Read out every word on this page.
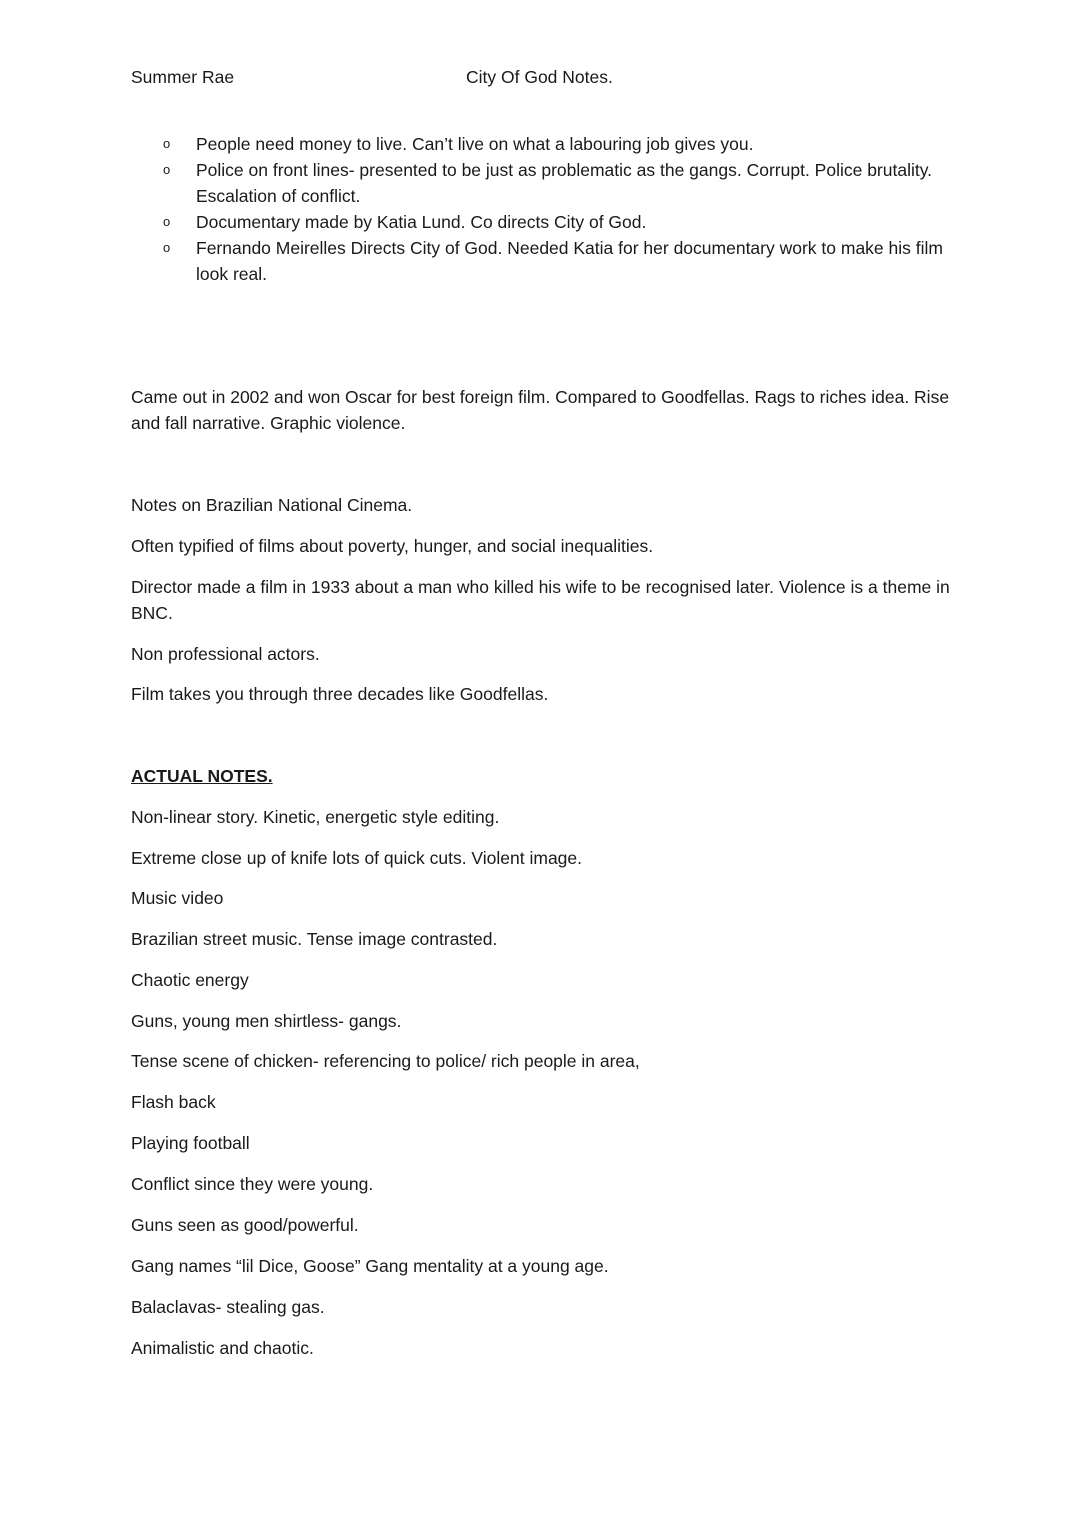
Summer Rae	City Of God Notes.
o People need money to live. Can’t live on what a labouring job gives you.
o Police on front lines- presented to be just as problematic as the gangs. Corrupt. Police brutality. Escalation of conflict.
o Documentary made by Katia Lund. Co directs City of God.
o Fernando Meirelles Directs City of God. Needed Katia for her documentary work to make his film look real.

Came out in 2002 and won Oscar for best foreign film. Compared to Goodfellas. Rags to riches idea. Rise and fall narrative. Graphic violence.

Notes on Brazilian National Cinema.

Often typified of films about poverty, hunger, and social inequalities.

Director made a film in 1933 about a man who killed his wife to be recognised later. Violence is a theme in BNC.

Non professional actors.

Film takes you through three decades like Goodfellas.

ACTUAL NOTES.

Non-linear story. Kinetic, energetic style editing.

Extreme close up of knife lots of quick cuts. Violent image.

Music video

Brazilian street music. Tense image contrasted.

Chaotic energy

Guns, young men shirtless- gangs.

Tense scene of chicken- referencing to police/ rich people in area,

Flash back

Playing football

Conflict since they were young.

Guns seen as good/powerful.

Gang names “lil Dice, Goose” Gang mentality at a young age.

Balaclavas- stealing gas.

Animalistic and chaotic.
